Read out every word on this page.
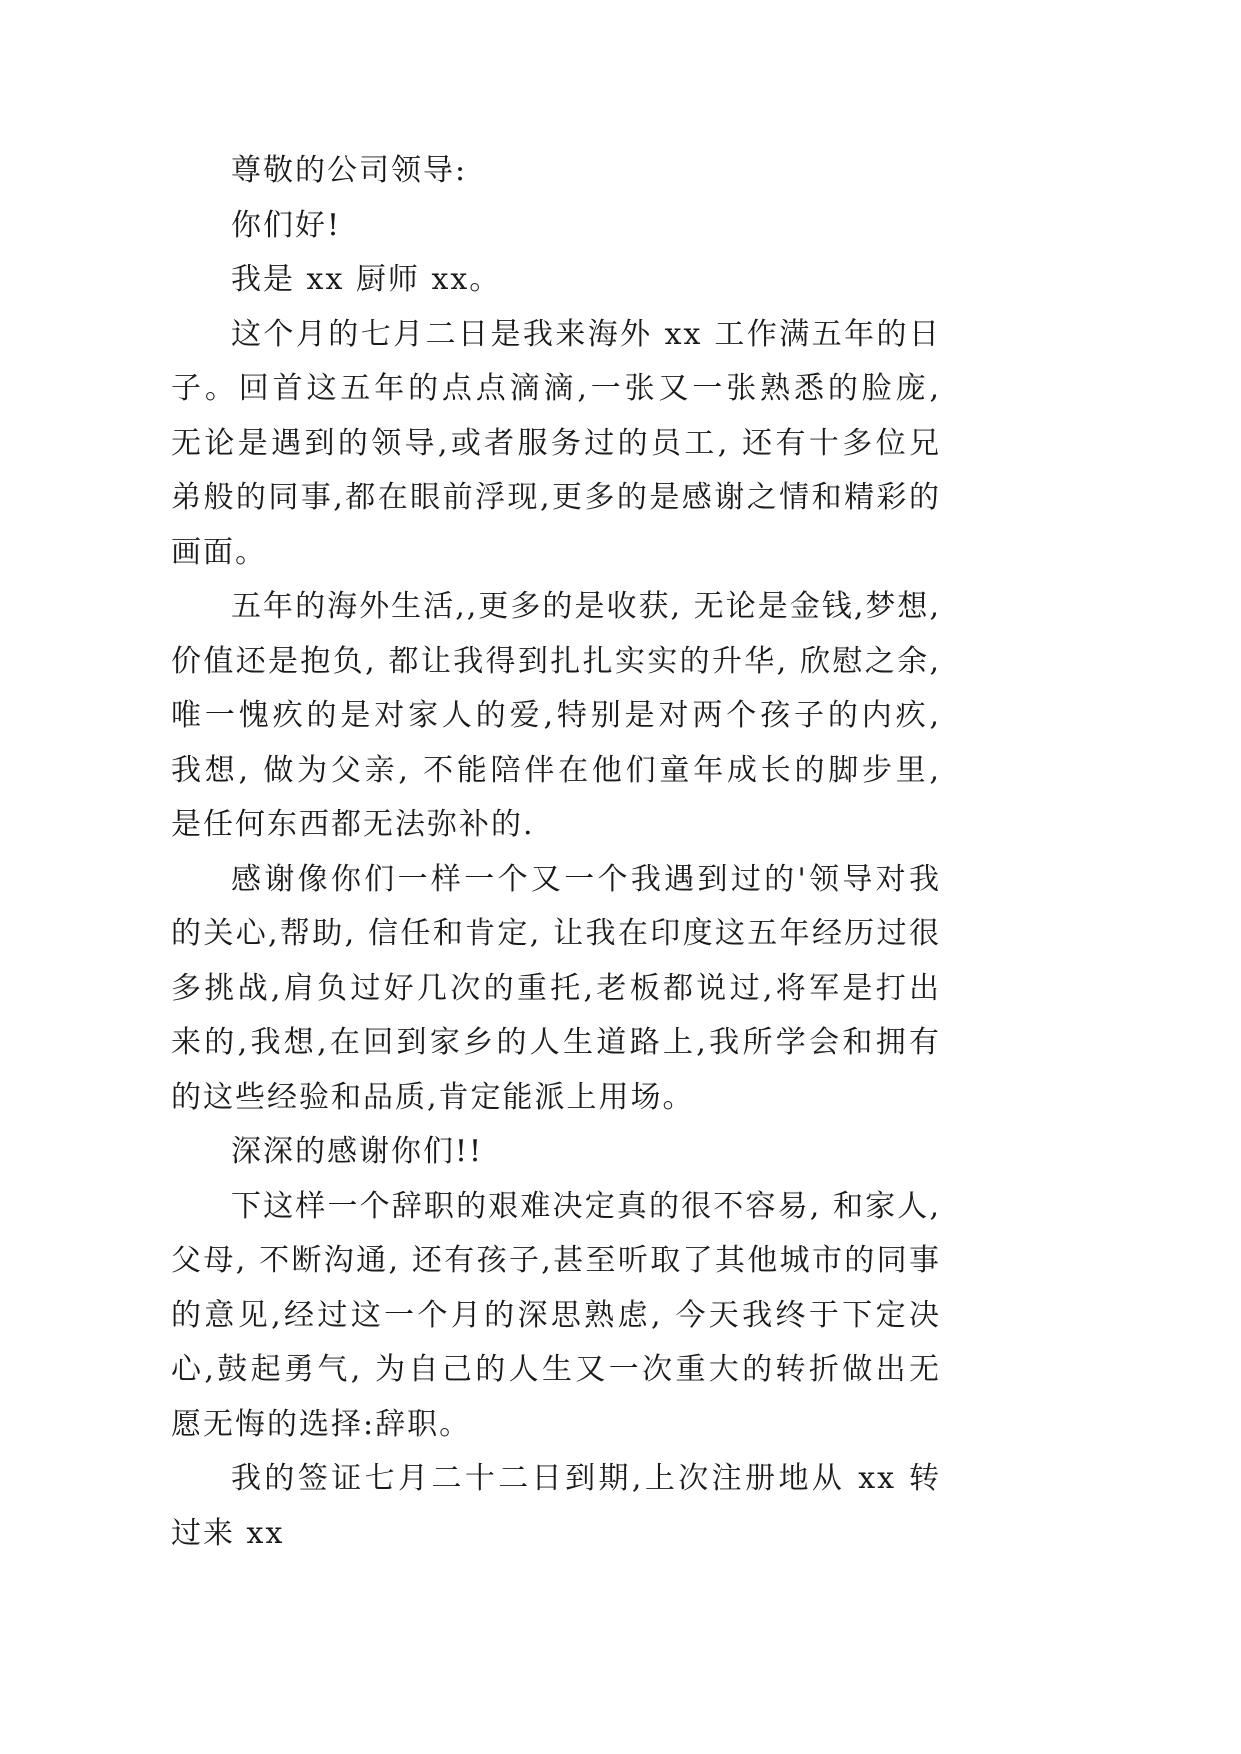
尊敬的公司领导:

你们好!

我是 xx 厨师 xx。

这个月的七月二日是我来海外 xx 工作满五年的日子。回首这五年的点点滴滴,一张又一张熟悉的脸庞, 无论是遇到的领导,或者服务过的员工, 还有十多位兄弟般的同事,都在眼前浮现,更多的是感谢之情和精彩的画面。

五年的海外生活,,更多的是收获, 无论是金钱,梦想, 价值还是抱负, 都让我得到扎扎实实的升华, 欣慰之余,唯一愧疚的是对家人的爱,特别是对两个孩子的内疚, 我想, 做为父亲, 不能陪伴在他们童年成长的脚步里, 是任何东西都无法弥补的.

感谢像你们一样一个又一个我遇到过的'领导对我的关心,帮助, 信任和肯定, 让我在印度这五年经历过很多挑战,肩负过好几次的重托,老板都说过,将军是打出来的,我想,在回到家乡的人生道路上,我所学会和拥有的这些经验和品质,肯定能派上用场。

深深的感谢你们!!

下这样一个辞职的艰难决定真的很不容易, 和家人, 父母, 不断沟通, 还有孩子,甚至听取了其他城市的同事的意见,经过这一个月的深思熟虑, 今天我终于下定决心,鼓起勇气, 为自己的人生又一次重大的转折做出无愿无悔的选择:辞职。

我的签证七月二十二日到期,上次注册地从 xx 转过来 xx
